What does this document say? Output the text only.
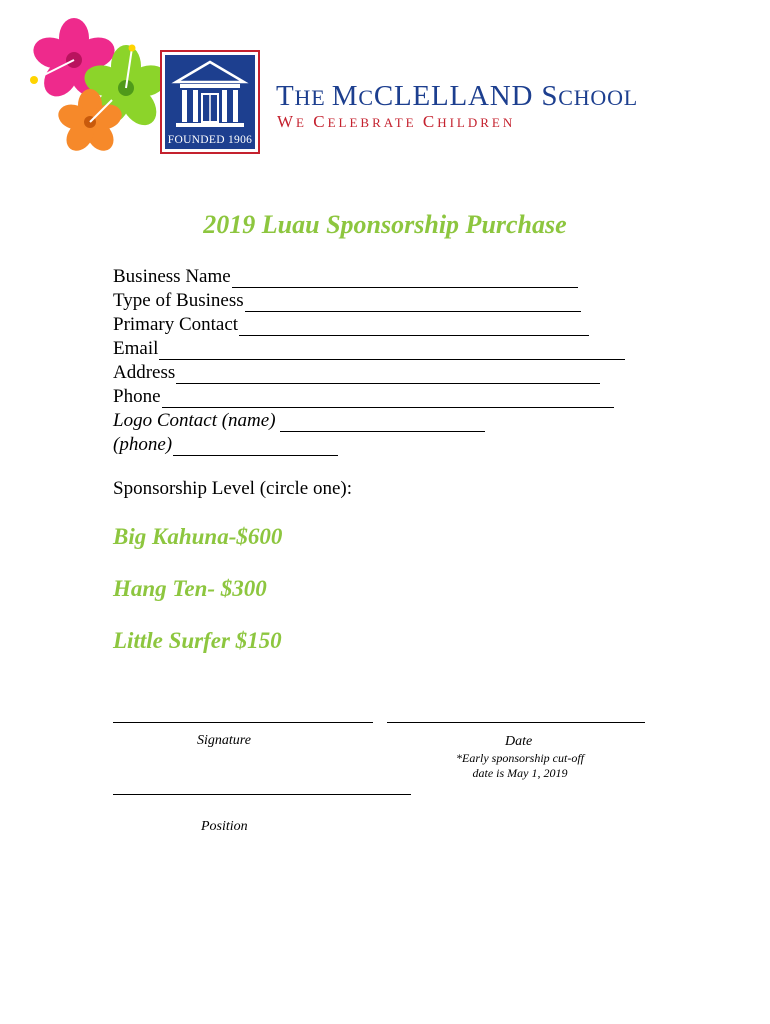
FOUNDED 1906
THE MCCLELLAND SCHOOL
WE CELEBRATE CHILDREN
2019 Luau Sponsorship Purchase
Business Name
Type of Business
Primary Contact
Email
Address
Phone
Logo Contact (name)
(phone)
Sponsorship Level (circle one):
Big Kahuna-$600
Hang Ten- $300
Little Surfer $150
Signature	Date
*Early sponsorship cut-off
date is May 1, 2019
Position
